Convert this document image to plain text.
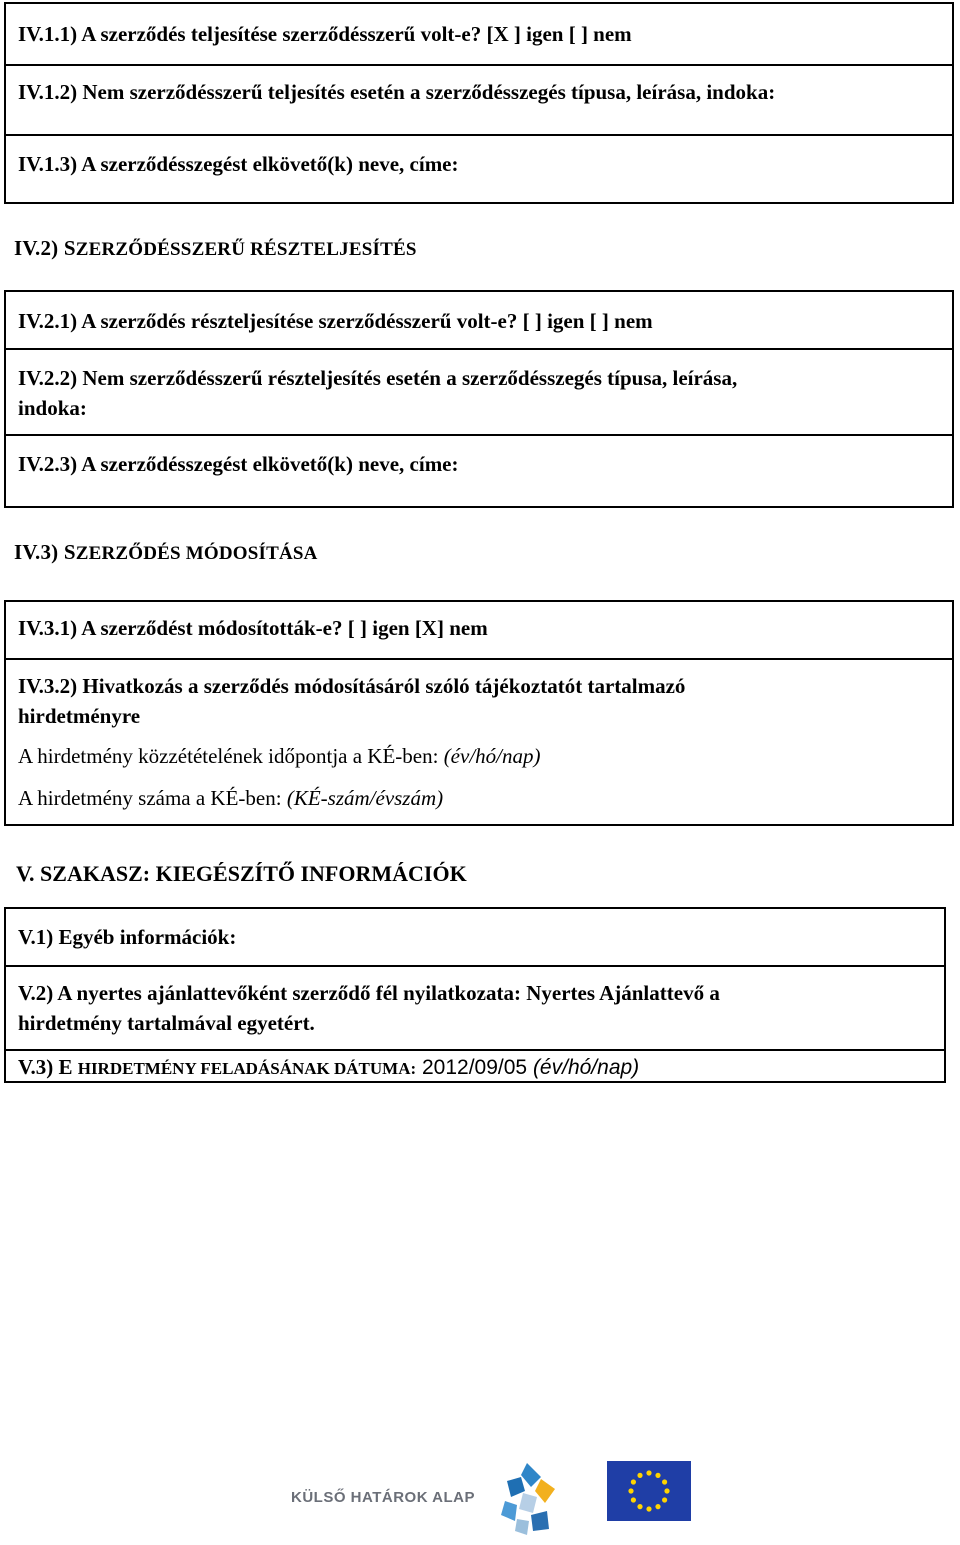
IV.1.1) A szerződés teljesítése szerződésszerű volt-e? [X ] igen [ ] nem
IV.1.2) Nem szerződésszerű teljesítés esetén a szerződésszegés típusa, leírása, indoka:
IV.1.3) A szerződésszegést elkövető(k) neve, címe:
IV.2) SZERZŐDÉSSZERŰ RÉSZTELJESÍTÉS
IV.2.1) A szerződés részteljesítése szerződésszerű volt-e? [ ] igen [ ] nem
IV.2.2) Nem szerződésszerű részteljesítés esetén a szerződésszegés típusa, leírása,
indoka:
IV.2.3) A szerződésszegést elkövető(k) neve, címe:
IV.3) SZERZŐDÉS MÓDOSÍTÁSA
IV.3.1) A szerződést módosították-e? [ ] igen [X] nem
IV.3.2) Hivatkozás a szerződés módosításáról szóló tájékoztatót tartalmazó
hirdetményre
A hirdetmény közzétételének időpontja a KÉ-ben: (év/hó/nap)
A hirdetmény száma a KÉ-ben: (KÉ-szám/évszám)
V. SZAKASZ: KIEGÉSZÍTŐ INFORMÁCIÓK
V.1) Egyéb információk:
V.2) A nyertes ajánlattevőként szerződő fél nyilatkozata: Nyertes Ajánlattevő a
hirdetmény tartalmával egyetért.
V.3) E HIRDETMÉNY FELADÁSÁNAK DÁTUMA: 2012/09/05 (év/hó/nap)
KÜLSŐ HATÁROK ALAP
